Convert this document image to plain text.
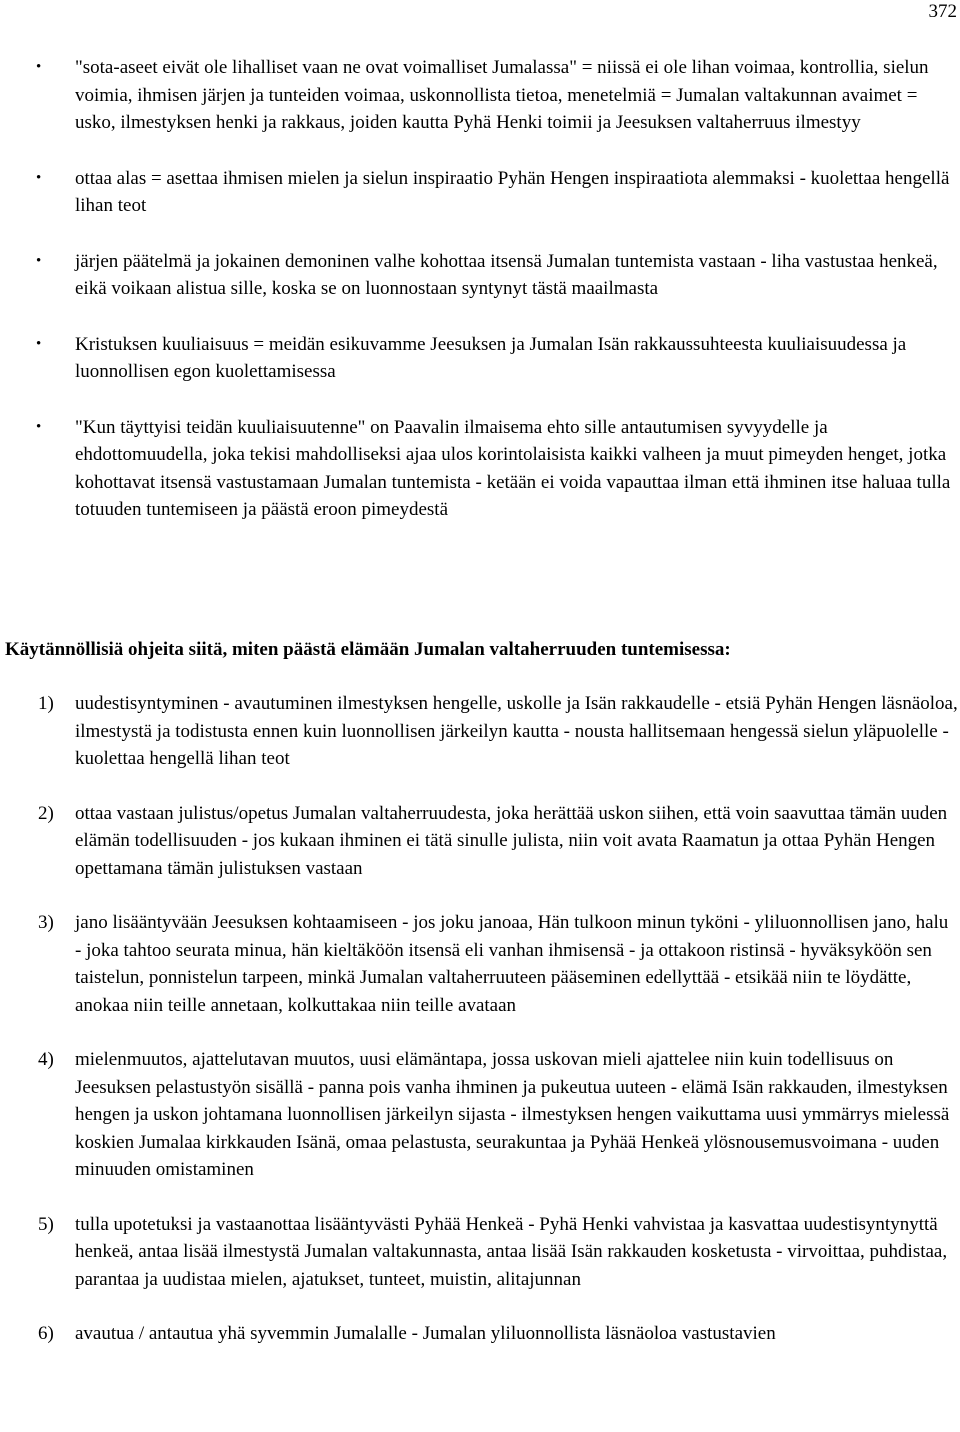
372
• "sota-aseet eivät ole lihalliset vaan ne ovat voimalliset Jumalassa" = niissä ei ole lihan voimaa, kontrollia, sielun voimia, ihmisen järjen ja tunteiden voimaa, uskonnollista tietoa, menetelmiä = Jumalan valtakunnan avaimet = usko, ilmestyksen henki ja rakkaus, joiden kautta Pyhä Henki toimii ja Jeesuksen valtaherruus ilmestyy
• ottaa alas = asettaa ihmisen mielen ja sielun inspiraatio Pyhän Hengen inspiraatiota alemmaksi - kuolettaa hengellä lihan teot
• järjen päätelmä ja jokainen demoninen valhe kohottaa itsensä Jumalan tuntemista vastaan - liha vastustaa henkeä, eikä voikaan alistua sille, koska se on luonnostaan syntynyt tästä maailmasta
• Kristuksen kuuliaisuus = meidän esikuvamme Jeesuksen ja Jumalan Isän rakkaussuhteesta kuuliaisuudessa ja luonnollisen egon kuolettamisessa
• "Kun täyttyisi teidän kuuliaisuutenne" on Paavalin ilmaisema ehto sille antautumisen syvyydelle ja ehdottomuudella, joka tekisi mahdolliseksi ajaa ulos korintolaisista kaikki valheen ja muut pimeyden henget, jotka kohottavat itsensä vastustamaan Jumalan tuntemista - ketään ei voida vapauttaa ilman että ihminen itse haluaa tulla totuuden tuntemiseen ja päästä eroon pimeydestä
Käytännöllisiä ohjeita siitä, miten päästä elämään Jumalan valtaherruuden tuntemisessa:
1) uudestisyntyminen - avautuminen ilmestyksen hengelle, uskolle ja Isän rakkaudelle - etsiä Pyhän Hengen läsnäoloa, ilmestystä ja todistusta ennen kuin luonnollisen järkeilyn kautta - nousta hallitsemaan hengessä sielun yläpuolelle - kuolettaa hengellä lihan teot
2) ottaa vastaan julistus/opetus Jumalan valtaherruudesta, joka herättää uskon siihen, että voin saavuttaa tämän uuden elämän todellisuuden - jos kukaan ihminen ei tätä sinulle julista, niin voit avata Raamatun ja ottaa Pyhän Hengen opettamana tämän julistuksen vastaan
3) jano lisääntyvään Jeesuksen kohtaamiseen - jos joku janoaa, Hän tulkoon minun tyköni - yliluonnollisen jano, halu - joka tahtoo seurata minua, hän kieltäköön itsensä eli vanhan ihmisensä - ja ottakoon ristinsä - hyväksyköön sen taistelun, ponnistelun tarpeen, minkä Jumalan valtaherruuteen pääseminen edellyttää - etsikää niin te löydätte, anokaa niin teille annetaan, kolkuttakaa niin teille avataan
4) mielenmuutos, ajattelutavan muutos, uusi elämäntapa, jossa uskovan mieli ajattelee niin kuin todellisuus on Jeesuksen pelastustyön sisällä - panna pois vanha ihminen ja pukeutua uuteen - elämä Isän rakkauden, ilmestyksen hengen ja uskon johtamana luonnollisen järkeilyn sijasta - ilmestyksen hengen vaikuttama uusi ymmärrys mielessä koskien Jumalaa kirkkauden Isänä, omaa pelastusta, seurakuntaa ja Pyhää Henkeä ylösnousemusvoimana - uuden minuuden omistaminen
5) tulla upotetuksi ja vastaanottaa lisääntyvästi Pyhää Henkeä - Pyhä Henki vahvistaa ja kasvattaa uudestisyntynyttä henkeä, antaa lisää ilmestystä Jumalan valtakunnasta, antaa lisää Isän rakkauden kosketusta - virvoittaa, puhdistaa, parantaa ja uudistaa mielen, ajatukset, tunteet, muistin, alitajunnan
6) avautua / antautua yhä syvemmin Jumalalle - Jumalan yliluonnollista läsnäoloa vastustavien
